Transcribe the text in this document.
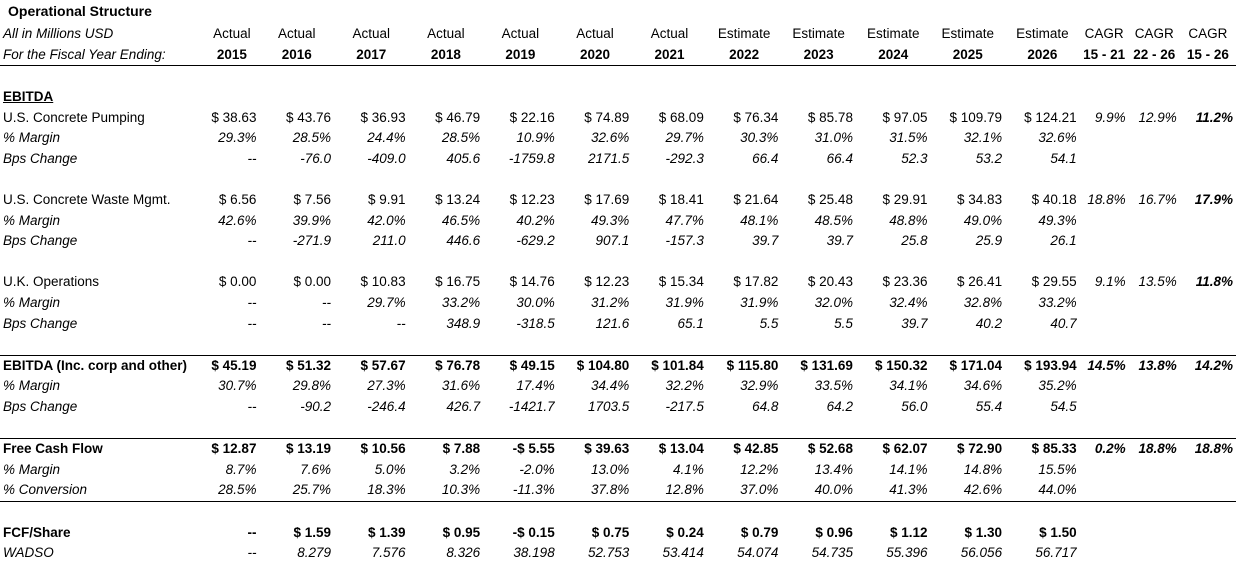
Operational Structure
All in Millions USD	Actual	Actual	Actual	Actual	Actual	Actual	Actual	Estimate	Estimate	Estimate	Estimate	Estimate	CAGR	CAGR	CAGR
For the Fiscal Year Ending:	2015	2016	2017	2018	2019	2020	2021	2022	2023	2024	2025	2026	15 - 21	22 - 26	15 - 26

EBITDA															
U.S. Concrete Pumping	$ 38.63	$ 43.76	$ 36.93	$ 46.79	$ 22.16	$ 74.89	$ 68.09	$ 76.34	$ 85.78	$ 97.05	$ 109.79	$ 124.21	9.9%	12.9%	11.2%
% Margin	29.3%	28.5%	24.4%	28.5%	10.9%	32.6%	29.7%	30.3%	31.0%	31.5%	32.1%	32.6%			
Bps Change	--	-76.0	-409.0	405.6	-1759.8	2171.5	-292.3	66.4	66.4	52.3	53.2	54.1			

U.S. Concrete Waste Mgmt.	$ 6.56	$ 7.56	$ 9.91	$ 13.24	$ 12.23	$ 17.69	$ 18.41	$ 21.64	$ 25.48	$ 29.91	$ 34.83	$ 40.18	18.8%	16.7%	17.9%
% Margin	42.6%	39.9%	42.0%	46.5%	40.2%	49.3%	47.7%	48.1%	48.5%	48.8%	49.0%	49.3%			
Bps Change	--	-271.9	211.0	446.6	-629.2	907.1	-157.3	39.7	39.7	25.8	25.9	26.1			

U.K. Operations	$ 0.00	$ 0.00	$ 10.83	$ 16.75	$ 14.76	$ 12.23	$ 15.34	$ 17.82	$ 20.43	$ 23.36	$ 26.41	$ 29.55	9.1%	13.5%	11.8%
% Margin	--	--	29.7%	33.2%	30.0%	31.2%	31.9%	31.9%	32.0%	32.4%	32.8%	33.2%			
Bps Change	--	--	--	348.9	-318.5	121.6	65.1	5.5	5.5	39.7	40.2	40.7			

EBITDA (Inc. corp and other)	$ 45.19	$ 51.32	$ 57.67	$ 76.78	$ 49.15	$ 104.80	$ 101.84	$ 115.80	$ 131.69	$ 150.32	$ 171.04	$ 193.94	14.5%	13.8%	14.2%
% Margin	30.7%	29.8%	27.3%	31.6%	17.4%	34.4%	32.2%	32.9%	33.5%	34.1%	34.6%	35.2%			
Bps Change	--	-90.2	-246.4	426.7	-1421.7	1703.5	-217.5	64.8	64.2	56.0	55.4	54.5			

Free Cash Flow	$ 12.87	$ 13.19	$ 10.56	$ 7.88	-$ 5.55	$ 39.63	$ 13.04	$ 42.85	$ 52.68	$ 62.07	$ 72.90	$ 85.33	0.2%	18.8%	18.8%
% Margin	8.7%	7.6%	5.0%	3.2%	-2.0%	13.0%	4.1%	12.2%	13.4%	14.1%	14.8%	15.5%			
% Conversion	28.5%	25.7%	18.3%	10.3%	-11.3%	37.8%	12.8%	37.0%	40.0%	41.3%	42.6%	44.0%			

FCF/Share	--	$ 1.59	$ 1.39	$ 0.95	-$ 0.15	$ 0.75	$ 0.24	$ 0.79	$ 0.96	$ 1.12	$ 1.30	$ 1.50			
WADSO	--	8.279	7.576	8.326	38.198	52.753	53.414	54.074	54.735	55.396	56.056	56.717			
